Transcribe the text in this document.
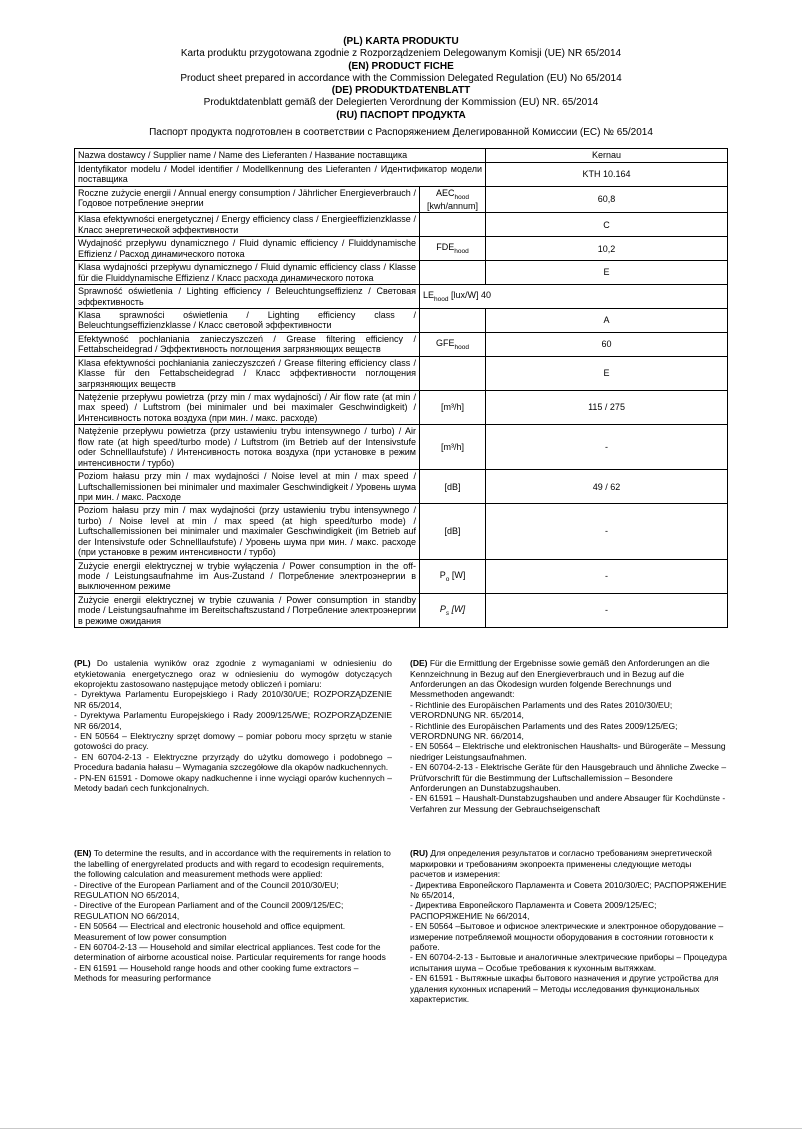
(PL) KARTA PRODUKTU
Karta produktu przygotowana zgodnie z Rozporządzeniem Delegowanym Komisji (UE) NR 65/2014
(EN) PRODUCT FICHE
Product sheet prepared in accordance with the Commission Delegated Regulation (EU) No 65/2014
(DE) PRODUKTDATENBLATT
Produktdatenblatt gemäß der Delegierten Verordnung der Kommission (EU) NR. 65/2014
(RU) ПАСПОРТ ПРОДУКТА
Паспорт продукта подготовлен в соответствии с Распоряжением Делегированной Комиссии (ЕС) № 65/2014
Nazwa dostawcy / Supplier name / Name des Lieferanten / Название поставщика		Kernau
Identyfikator modelu / Model identifier / Modellkennung des Lieferanten / Идентификатор модели поставщика		KTH 10.164
Roczne zużycie energii / Annual energy consumption / Jährlicher Energieverbrauch / Годовое потребление энергии	$AEC_{hood}$ [kwh/annum]	60,8
Klasa efektywności energetycznej / Energy efficiency class / Energieeffizienzklasse / Класс энергетической эффективности		C
Wydajność przepływu dynamicznego / Fluid dynamic efficiency / Fluiddynamische Effizienz / Расход динамического потока	$FDE_{hood}$	10,2
Klasa wydajności przepływu dynamicznego / Fluid dynamic efficiency class / Klasse für die Fluiddynamische Effizienz / Класс расхода динамического потока		E
Sprawność oświetlenia / Lighting efficiency / Beleuchtungseffizienz / Световая эффективность	$LE_{hood}$ [lux/W] 40	
Klasa sprawności oświetlenia / Lighting efficiency class / Beleuchtungseffizienzklasse / Класс световой эффективности		A
Efektywność pochłaniania zanieczyszczeń / Grease filtering efficiency / Fettabscheidegrad / Эффективность поглощения загрязняющих веществ	$GFE_{hood}$	60
Klasa efektywności pochłaniania zanieczyszczeń / Grease filtering efficiency class / Klasse für den Fettabscheidegrad / Класс эффективности поглощения загрязняющих веществ		E
Natężenie przepływu powietrza (przy min / max wydajności) / Air flow rate (at min / max speed) / Luftstrom (bei minimaler und bei maximaler Geschwindigkeit) / Интенсивность потока воздуха (при мин. / макс. расходе)	[m³/h]	115 / 275
Natężenie przepływu powietrza (przy ustawieniu trybu intensywnego / turbo) / Air flow rate (at high speed/turbo mode) / Luftstrom (im Betrieb auf der Intensivstufe oder Schnelllaufstufe) / Интенсивность потока воздуха (при установке в режим интенсивности / турбо)	[m³/h]	-
Poziom hałasu przy min / max wydajności / Noise level at min / max speed / Luftschallemissionen bei minimaler und maximaler Geschwindigkeit / Уровень шума при мин. / макс. Расходе	[dB]	49 / 62
Poziom hałasu przy min / max wydajności (przy ustawieniu trybu intensywnego / turbo) / Noise level at min / max speed (at high speed/turbo mode) / Luftschallemissionen bei minimaler und maximaler Geschwindigkeit (im Betrieb auf der Intensivstufe oder Schnelllaufstufe) / Уровень шума при мин. / макс. расходе (при установке в режим интенсивности / турбо)	[dB]	-
Zużycie energii elektrycznej w trybie wyłączenia / Power consumption in the off-mode / Leistungsaufnahme im Aus-Zustand / Потребление электроэнергии в выключенном режиме	$P_o$ [W]	-
Zużycie energii elektrycznej w trybie czuwania / Power consumption in standby mode / Leistungsaufnahme im Bereitschaftszustand / Потребление электроэнергии в режиме ожидания	$P_s$ [W]	-
(PL) Do ustalenia wyników oraz zgodnie z wymaganiami w odniesieniu do etykietowania energetycznego oraz w odniesieniu do wymogów dotyczących ekoprojektu zastosowano następujące metody obliczeń i pomiaru:
- Dyrektywa Parlamentu Europejskiego i Rady 2010/30/UE; ROZPORZĄDZENIE NR 65/2014,
- Dyrektywa Parlamentu Europejskiego i Rady 2009/125/WE; ROZPORZĄDZENIE NR 66/2014,
- EN 50564 – Elektryczny sprzęt domowy – pomiar poboru mocy sprzętu w stanie gotowości do pracy.
- EN 60704-2-13 - Elektryczne przyrządy do użytku domowego i podobnego – Procedura badania hałasu – Wymagania szczegółowe dla okapów nadkuchennych.
- PN-EN 61591 - Domowe okapy nadkuchenne i inne wyciągi oparów kuchennych – Metody badań cech funkcjonalnych.
(DE) Für die Ermittlung der Ergebnisse sowie gemäß den Anforderungen an die Kennzeichnung in Bezug auf den Energieverbrauch und in Bezug auf die Anforderungen an das Ökodesign wurden folgende Berechnungs und Messmethoden angewandt:
- Richtlinie des Europäischen Parlaments und des Rates 2010/30/EU; VERORDNUNG NR. 65/2014,
- Richtlinie des Europäischen Parlaments und des Rates 2009/125/EG; VERORDNUNG NR. 66/2014,
- EN 50564 – Elektrische und elektronischen Haushalts- und Bürogeräte – Messung niedriger Leistungsaufnahmen.
- EN 60704-2-13 - Elektrische Geräte für den Hausgebrauch und ähnliche Zwecke – Prüfvorschrift für die Bestimmung der Luftschallemission – Besondere Anforderungen an Dunstabzugshauben.
- EN 61591 – Haushalt-Dunstabzugshauben und andere Absauger für Kochdünste - Verfahren zur Messung der Gebrauchseigenschaft
(EN) To determine the results, and in accordance with the requirements in relation to the labelling of energyrelated products and with regard to ecodesign requirements, the following calculation and measurement methods were applied:
- Directive of the European Parliament and of the Council 2010/30/EU; REGULATION NO 65/2014,
- Directive of the European Parliament and of the Council 2009/125/EC; REGULATION NO 66/2014,
- EN 50564 — Electrical and electronic household and office equipment. Measurement of low power consumption
- EN 60704-2-13 — Household and similar electrical appliances. Test code for the determination of airborne acoustical noise. Particular requirements for range hoods
- EN 61591 — Household range hoods and other cooking fume extractors – Methods for measuring performance
(RU) Для определения результатов и согласно требованиям энергетической маркировки и требованиям экопроекта применены следующие методы расчетов и измерения:
- Директива Европейского Парламента и Совета 2010/30/ЕС; РАСПОРЯЖЕНИЕ № 65/2014,
- Директива Европейского Парламента и Совета 2009/125/ЕС; РАСПОРЯЖЕНИЕ № 66/2014,
- EN 50564 –Бытовое и офисное электрические и электронное оборудование – измерение потребляемой мощности оборудования в состоянии готовности к работе.
- EN 60704-2-13 - Бытовые и аналогичные электрические приборы – Процедура испытания шума – Особые требования к кухонным вытяжкам.
- EN 61591 - Вытяжные шкафы бытового назначения и другие устройства для удаления кухонных испарений – Методы исследования функциональных характеристик.
